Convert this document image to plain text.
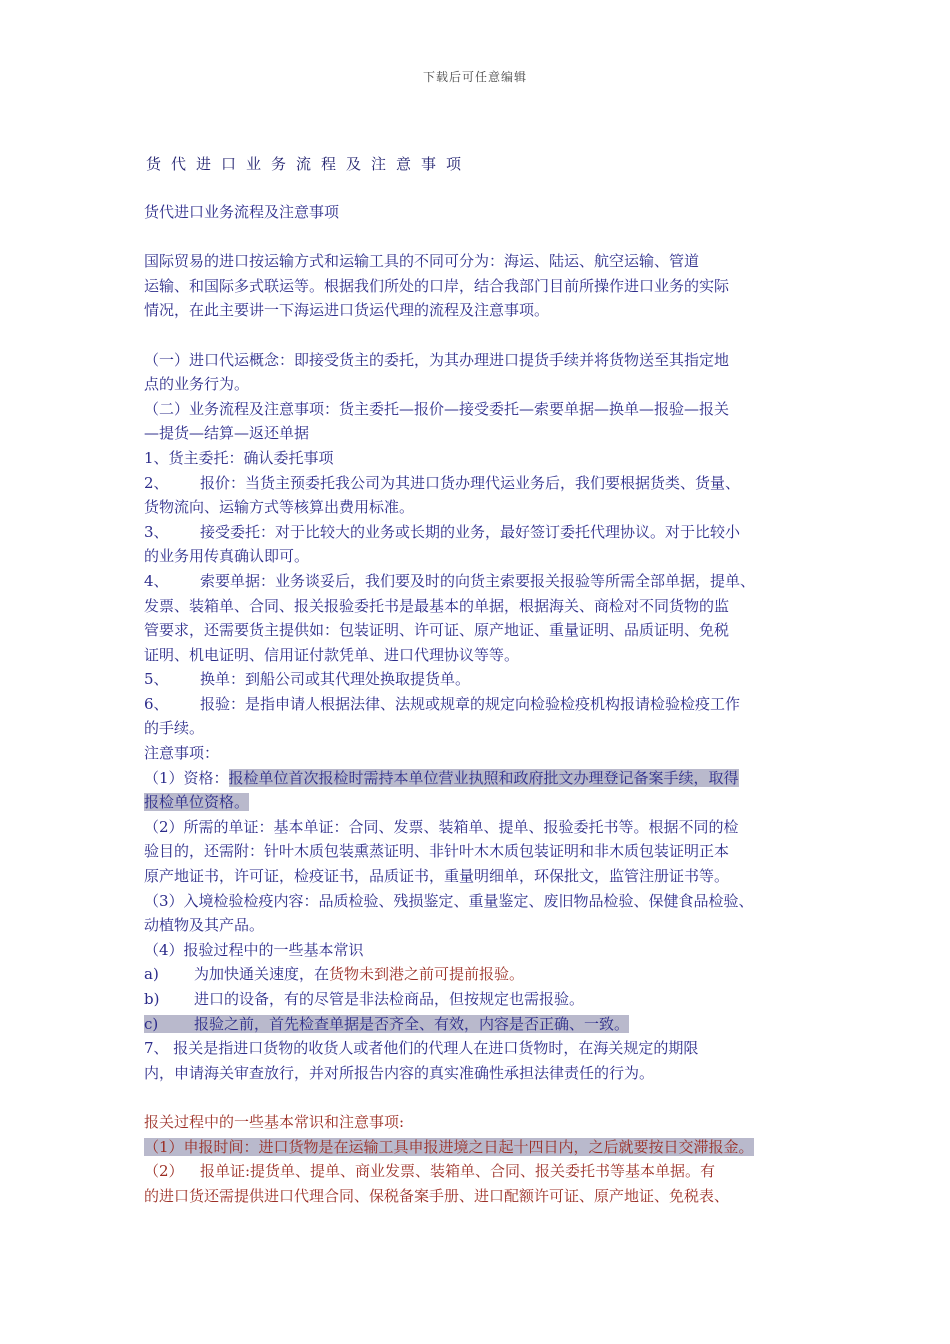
下载后可任意编辑
货代进口业务流程及注意事项
货代进口业务流程及注意事项
国际贸易的进口按运输方式和运输工具的不同可分为：海运、陆运、航空运输、管道
运输、和国际多式联运等。根据我们所处的口岸，结合我部门目前所操作进口业务的实际
情况，在此主要讲一下海运进口货运代理的流程及注意事项。
（一）进口代运概念：即接受货主的委托，为其办理进口提货手续并将货物送至其指定地
点的业务行为。
（二）业务流程及注意事项：货主委托—报价—接受委托—索要单据—换单—报验—报关
—提货—结算—返还单据
1、货主委托：确认委托事项
2、 报价：当货主预委托我公司为其进口货办理代运业务后，我们要根据货类、货量、
货物流向、运输方式等核算出费用标准。
3、 接受委托：对于比较大的业务或长期的业务，最好签订委托代理协议。对于比较小
的业务用传真确认即可。
4、 索要单据：业务谈妥后，我们要及时的向货主索要报关报验等所需全部单据，提单、
发票、装箱单、合同、报关报验委托书是最基本的单据，根据海关、商检对不同货物的监
管要求，还需要货主提供如：包装证明、许可证、原产地证、重量证明、品质证明、免税
证明、机电证明、信用证付款凭单、进口代理协议等等。
5、 换单：到船公司或其代理处换取提货单。
6、 报验：是指申请人根据法律、法规或规章的规定向检验检疫机构报请检验检疫工作
的手续。
注意事项：
（1）资格：报检单位首次报检时需持本单位营业执照和政府批文办理登记备案手续，取得
报检单位资格。
（2）所需的单证：基本单证：合同、发票、装箱单、提单、报验委托书等。根据不同的检
验目的，还需附：针叶木质包装熏蒸证明、非针叶木木质包装证明和非木质包装证明正本
原产地证书，许可证，检疫证书，品质证书，重量明细单，环保批文，监管注册证书等。
（3）入境检验检疫内容：品质检验、残损鉴定、重量鉴定、废旧物品检验、保健食品检验、
动植物及其产品。
（4）报验过程中的一些基本常识
a) 为加快通关速度，在货物未到港之前可提前报验。
b) 进口的设备，有的尽管是非法检商品，但按规定也需报验。
c) 报验之前，首先检查单据是否齐全、有效，内容是否正确、一致。
7、 报关是指进口货物的收货人或者他们的代理人在进口货物时，在海关规定的期限
内，申请海关审查放行，并对所报告内容的真实准确性承担法律责任的行为。
报关过程中的一些基本常识和注意事项:
（1）申报时间：进口货物是在运输工具申报进境之日起十四日内，之后就要按日交滞报金。
（2） 报单证:提货单、提单、商业发票、装箱单、合同、报关委托书等基本单据。有
的进口货还需提供进口代理合同、保税备案手册、进口配额许可证、原产地证、免税表、
